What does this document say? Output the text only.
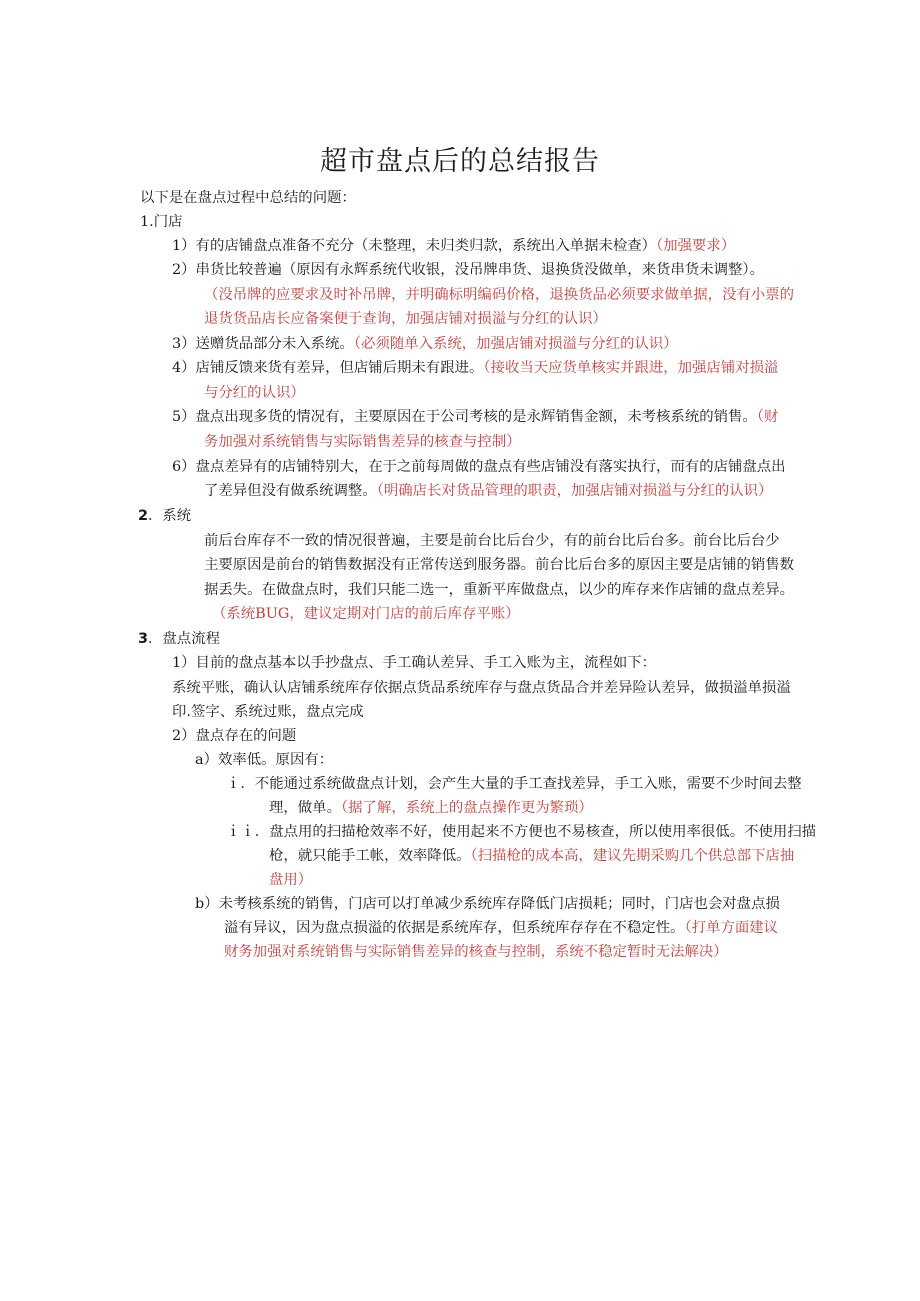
超市盘点后的总结报告
以下是在盘点过程中总结的问题：
1.门店
1）有的店铺盘点准备不充分（未整理，未归类归款，系统出入单据未检查）（加强要求）
2）串货比较普遍（原因有永辉系统代收银，没吊牌串货、退换货没做单，来货串货未调整）。
（没吊牌的应要求及时补吊牌，并明确标明编码价格，退换货品必须要求做单据，没有小票的
退货货品店长应备案便于查询，加强店铺对损溢与分红的认识）
3）送赠货品部分未入系统。（必须随单入系统，加强店铺对损溢与分红的认识）
4）店铺反馈来货有差异，但店铺后期未有跟进。（接收当天应货单核实并跟进，加强店铺对损溢
与分红的认识）
5）盘点出现多货的情况有，主要原因在于公司考核的是永辉销售金额，未考核系统的销售。（财
务加强对系统销售与实际销售差异的核查与控制）
6）盘点差异有的店铺特别大，在于之前每周做的盘点有些店铺没有落实执行，而有的店铺盘点出
了差异但没有做系统调整。（明确店长对货品管理的职责，加强店铺对损溢与分红的认识）
2．系统
前后台库存不一致的情况很普遍，主要是前台比后台少，有的前台比后台多。前台比后台少
主要原因是前台的销售数据没有正常传送到服务器。前台比后台多的原因主要是店铺的销售数
据丢失。在做盘点时，我们只能二选一，重新平库做盘点，以少的库存来作店铺的盘点差异。
（系统BUG，建议定期对门店的前后库存平账）
3．盘点流程
1）目前的盘点基本以手抄盘点、手工确认差异、手工入账为主，流程如下：
系统平账，确认认店铺系统库存依据点货品系统库存与盘点货品合并差异险认差异，做损溢单损溢
印.签字、系统过账，盘点完成
2）盘点存在的问题
a）效率低。原因有：
ｉ．不能通过系统做盘点计划，会产生大量的手工查找差异，手工入账，需要不少时间去整
理，做单。（据了解，系统上的盘点操作更为繁琐）
ｉｉ．盘点用的扫描枪效率不好，使用起来不方便也不易核查，所以使用率很低。不使用扫描
枪，就只能手工帐，效率降低。（扫描枪的成本高，建议先期采购几个供总部下店抽
盘用）
b）未考核系统的销售，门店可以打单减少系统库存降低门店损耗；同时，门店也会对盘点损
溢有异议，因为盘点损溢的依据是系统库存，但系统库存存在不稳定性。（打单方面建议
财务加强对系统销售与实际销售差异的核查与控制，系统不稳定暂时无法解决）
